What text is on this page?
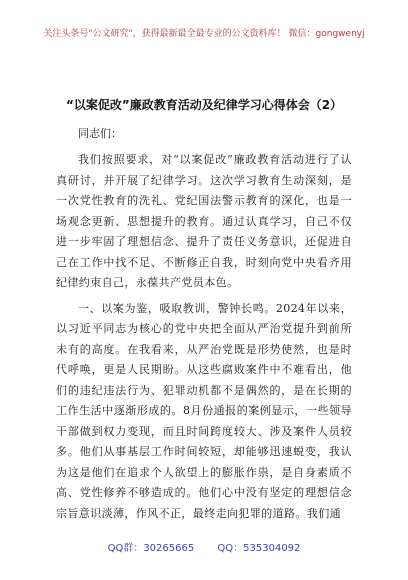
关注头条号"公文研究"，获得最新最全最专业的公文资料库！ 微信：gongwenyj
“以案促改”廉政教育活动及纪律学习心得体会（2）
同志们：

我们按照要求，对“以案促改”廉政教育活动进行了认真研讨，并开展了纪律学习。这次学习教育生动深刻，是一次党性教育的洗礼、党纪国法警示教育的深化，也是一场观念更新、思想提升的教育。通过认真学习，自己不仅进一步牢固了理想信念、提升了责任义务意识，还促进自己在工作中找不足、不断修正自我，时刻向党中央看齐用纪律约束自己，永葆共产党员本色。

一、以案为鉴，吸取教训，警钟长鸣。2024年以来，以习近平同志为核心的党中央把全面从严治党提升到前所未有的高度。在我看来，从严治党既是形势使然，也是时代呼唤，更是人民期盼。从这些腐败案件中不难看出，他们的违纪违法行为、犯罪动机都不是偶然的，是在长期的工作生活中逐渐形成的。8月份通报的案例显示，一些领导干部做到权力变现，而且时间跨度较大、涉及案件人员较多。他们从事基层工作时间较短，却能够迅速蜕变，我认为这是他们在追求个人欲望上的膨胀作祟，是自身素质不高、党性修养不够造成的。他们心中没有坚定的理想信念宗旨意识淡薄，作风不正，最终走向犯罪的道路。我们通

QQ群：30265665 QQ：535304092
